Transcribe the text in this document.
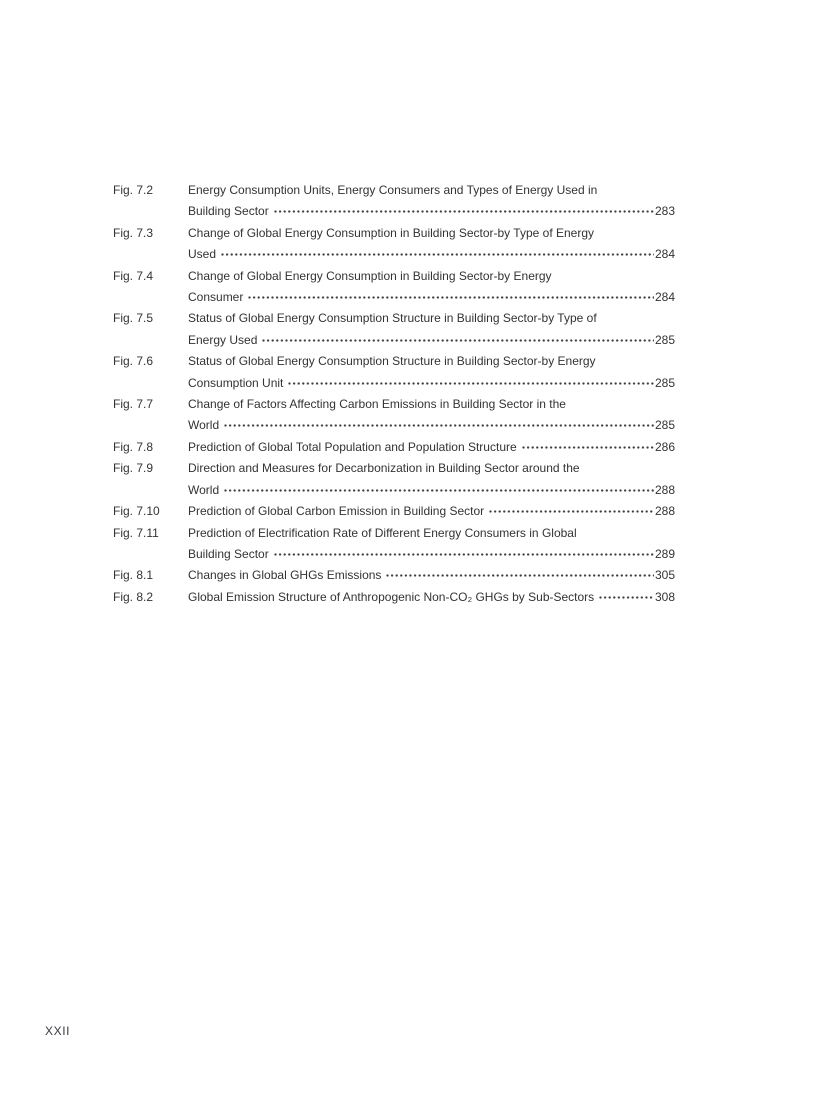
Fig. 7.2	Energy Consumption Units, Energy Consumers and Types of Energy Used in
Building Sector	283
Fig. 7.3	Change of Global Energy Consumption in Building Sector-by Type of Energy
Used	284
Fig. 7.4	Change of Global Energy Consumption in Building Sector-by Energy
Consumer	284
Fig. 7.5	Status of Global Energy Consumption Structure in Building Sector-by Type of
Energy Used	285
Fig. 7.6	Status of Global Energy Consumption Structure in Building Sector-by Energy
Consumption Unit	285
Fig. 7.7	Change of Factors Affecting Carbon Emissions in Building Sector in the
World	285
Fig. 7.8	Prediction of Global Total Population and Population Structure	286
Fig. 7.9	Direction and Measures for Decarbonization in Building Sector around the
World	288
Fig. 7.10	Prediction of Global Carbon Emission in Building Sector	288
Fig. 7.11	Prediction of Electrification Rate of Different Energy Consumers in Global
Building Sector	289
Fig. 8.1	Changes in Global GHGs Emissions	305
Fig. 8.2	Global Emission Structure of Anthropogenic Non-CO₂ GHGs by Sub-Sectors	308
XXII
